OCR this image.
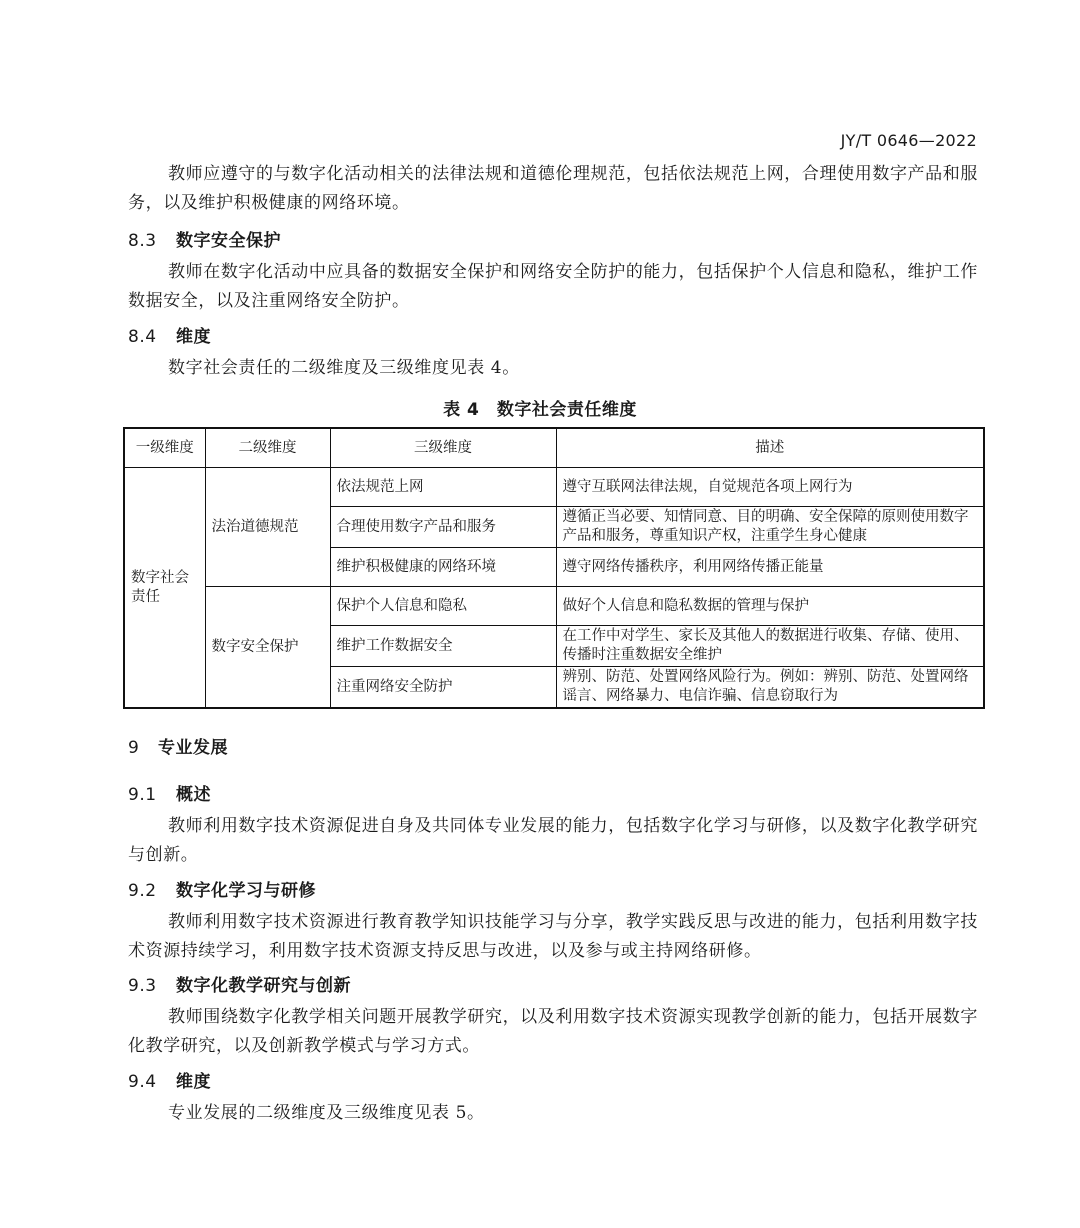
JY/T 0646—2022
教师应遵守的与数字化活动相关的法律法规和道德伦理规范，包括依法规范上网，合理使用数字产品和服务，以及维护积极健康的网络环境。
8.3 数字安全保护
教师在数字化活动中应具备的数据安全保护和网络安全防护的能力，包括保护个人信息和隐私，维护工作数据安全，以及注重网络安全防护。
8.4 维度
数字社会责任的二级维度及三级维度见表 4。
表 4　数字社会责任维度
一级维度	二级维度	三级维度	描述
数字社会责任	法治道德规范	依法规范上网	遵守互联网法律法规，自觉规范各项上网行为
		合理使用数字产品和服务	遵循正当必要、知情同意、目的明确、安全保障的原则使用数字产品和服务，尊重知识产权，注重学生身心健康
		维护积极健康的网络环境	遵守网络传播秩序，利用网络传播正能量
	数字安全保护	保护个人信息和隐私	做好个人信息和隐私数据的管理与保护
		维护工作数据安全	在工作中对学生、家长及其他人的数据进行收集、存储、使用、传播时注重数据安全维护
		注重网络安全防护	辨别、防范、处置网络风险行为。例如：辨别、防范、处置网络谣言、网络暴力、电信诈骗、信息窃取行为
9 专业发展
9.1 概述
教师利用数字技术资源促进自身及共同体专业发展的能力，包括数字化学习与研修，以及数字化教学研究与创新。
9.2 数字化学习与研修
教师利用数字技术资源进行教育教学知识技能学习与分享，教学实践反思与改进的能力，包括利用数字技术资源持续学习，利用数字技术资源支持反思与改进，以及参与或主持网络研修。
9.3 数字化教学研究与创新
教师围绕数字化教学相关问题开展教学研究，以及利用数字技术资源实现教学创新的能力，包括开展数字化教学研究，以及创新教学模式与学习方式。
9.4 维度
专业发展的二级维度及三级维度见表 5。
